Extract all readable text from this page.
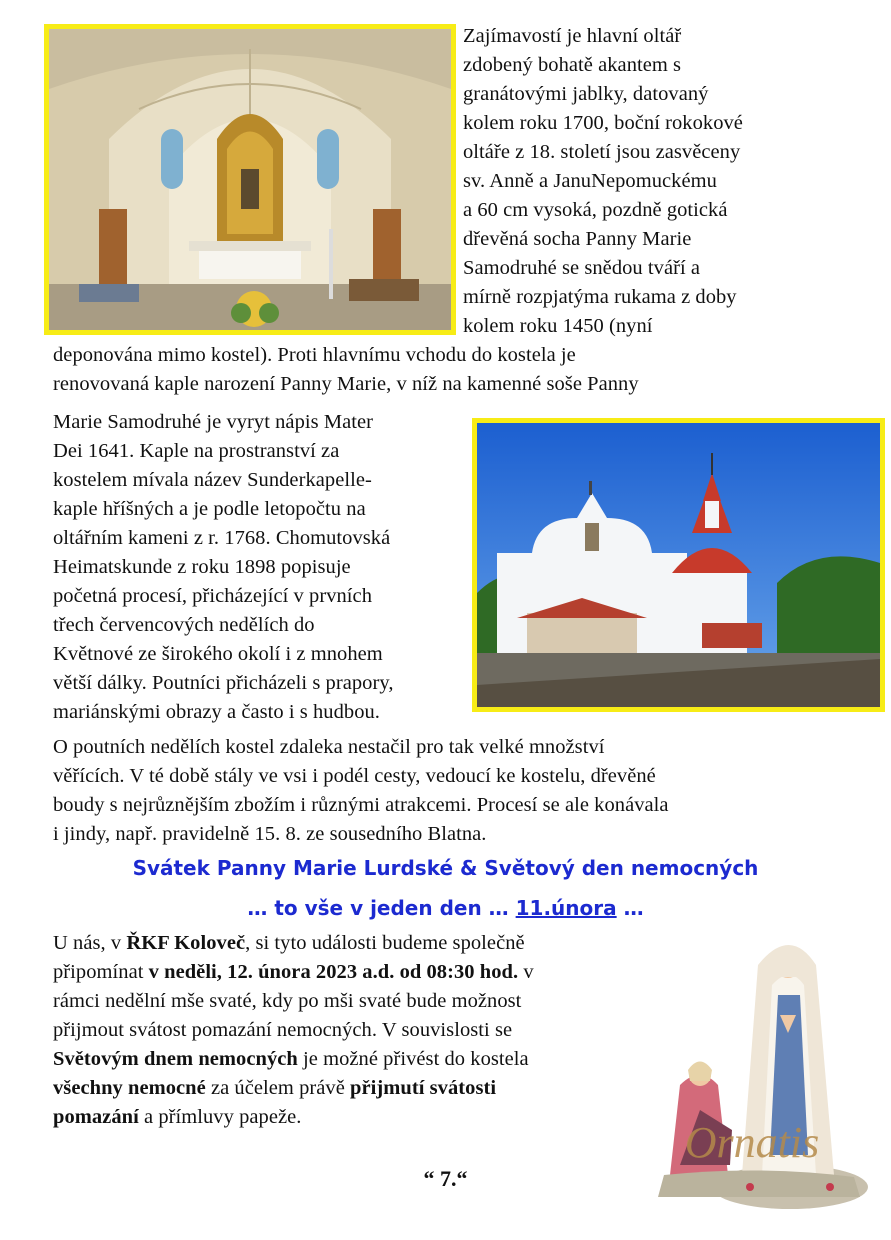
Zajímavostí je hlavní oltář
zdobený bohatě akantem s
granátovými jablky, datovaný
kolem roku 1700, boční rokokové
oltáře z 18. století jsou zasvěceny
sv. Anně a JanuNepomuckému
a 60 cm vysoká, pozdně gotická
dřevěná socha Panny Marie
Samodruhé se snědou tváří a
mírně rozpjatýma rukama z doby
kolem roku 1450 (nyní
deponována mimo kostel). Proti hlavnímu vchodu do kostela je
renovovaná kaple narození Panny Marie, v níž na kamenné soše Panny
Marie Samodruhé je vyryt nápis Mater
Dei 1641. Kaple na prostranství za
kostelem mívala název Sunderkapelle-
kaple hříšných a je podle letopočtu na
oltářním kameni z r. 1768. Chomutovská
Heimatskunde z roku 1898 popisuje
početná procesí, přicházející v prvních
třech červencových nedělích do
Květnové ze širokého okolí i z mnohem
větší dálky. Poutníci přicházeli s prapory,
mariánskými obrazy a často i s hudbou.
O poutních nedělích kostel zdaleka nestačil pro tak velké množství
věřících. V té době stály ve vsi i podél cesty, vedoucí ke kostelu, dřevěné
boudy s nejrůznějším zbožím i různými atrakcemi. Procesí se ale konávala
i jindy, např. pravidelně 15. 8. ze sousedního Blatna.
Svátek Panny Marie Lurdské & Světový den nemocných
… to vše v jeden den … 11.února …
U nás, v ŘKF Koloveč, si tyto události budeme společně
připomínat v neděli, 12. února 2023 a.d. od 08:30 hod. v
rámci nedělní mše svaté, kdy po mši svaté bude možnost
přijmout svátost pomazání nemocných. V souvislosti se
Světovým dnem nemocných je možné přivést do kostela
všechny nemocné za účelem právě přijmutí svátosti
pomazání a přímluvy papeže.
Ornatis
“ 7.“
